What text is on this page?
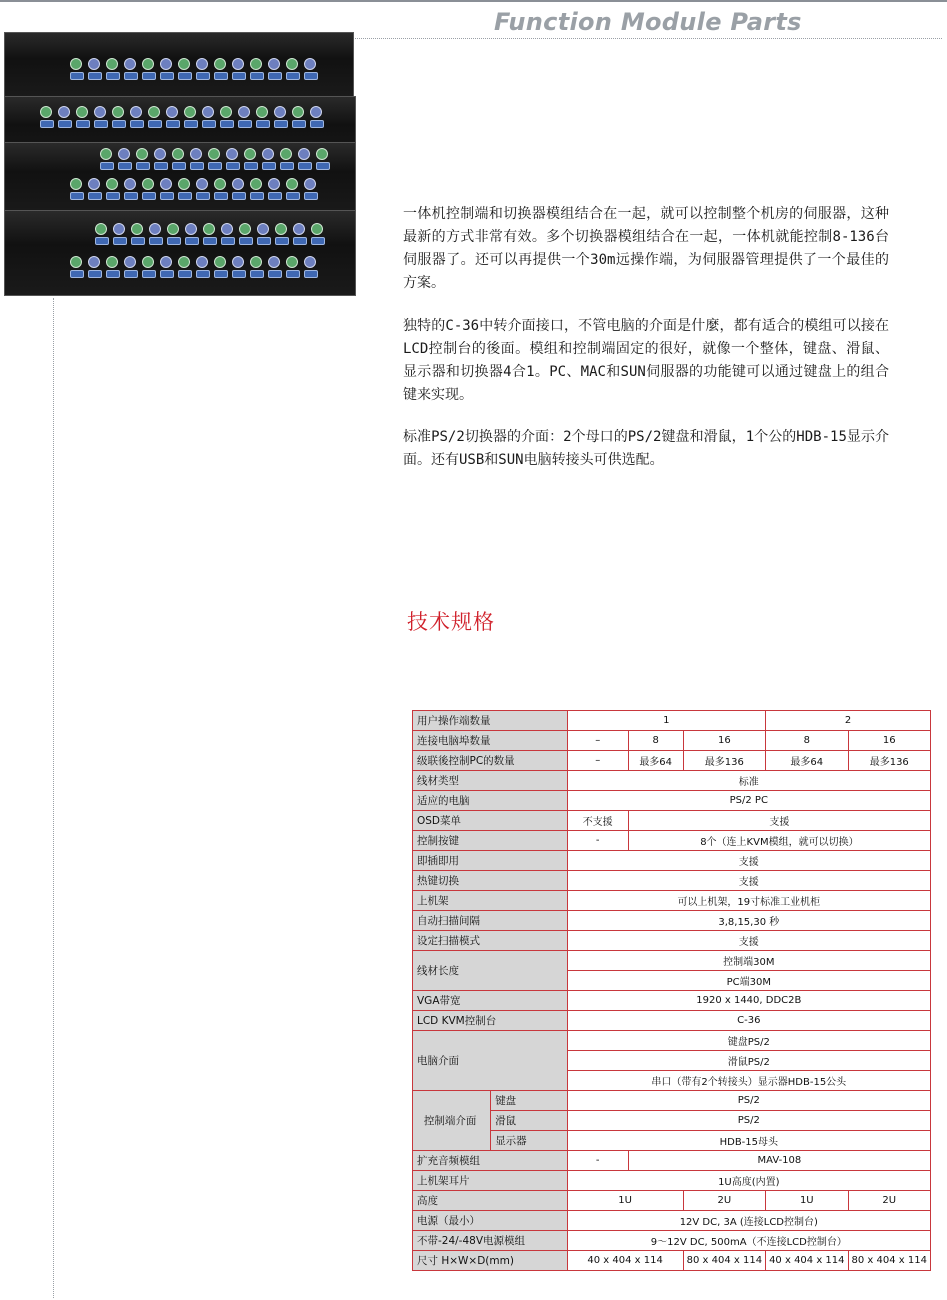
Function Module Parts
一体机控制端和切换器模组结合在一起，就可以控制整个机房的伺服器，这种最新的方式非常有效。多个切换器模组结合在一起，一体机就能控制8-136台伺服器了。还可以再提供一个30m远操作端，为伺服器管理提供了一个最佳的方案。
独特的C-36中转介面接口，不管电脑的介面是什麼，都有适合的模组可以接在LCD控制台的後面。模组和控制端固定的很好，就像一个整体，键盘、滑鼠、显示器和切换器4合1。PC、MAC和SUN伺服器的功能键可以通过键盘上的组合键来实现。
标准PS/2切换器的介面：2个母口的PS/2键盘和滑鼠，1个公的HDB-15显示介面。还有USB和SUN电脑转接头可供选配。
技术规格
用户操作端数量		1			2	
连接电脑埠数量		–	8	16	8	16
级联後控制PC的数量		–	最多64	最多136	最多64	最多136
线材类型		标准				
适应的电脑		PS/2 PC				
OSD菜单		不支援	支援			
控制按键		-	8个（连上KVM模组，就可以切换）			
即插即用		支援				
热键切换		支援				
上机架		可以上机架，19寸标准工业机柜				
自动扫描间隔		3,8,15,30 秒				
设定扫描模式		支援				
线材长度		控制端30M				
		PC端30M				
VGA带宽		1920 x 1440, DDC2B				
LCD KVM控制台		C-36				
电脑介面		键盘PS/2				
		滑鼠PS/2				
		串口（带有2个转接头）显示器HDB-15公头				
控制端介面	键盘	PS/2				
	滑鼠	PS/2				
	显示器	HDB-15母头				
扩充音频模组		-	MAV-108			
上机架耳片		1U高度(内置)				
高度		1U		2U	1U	2U
电源（最小）		12V DC, 3A (连接LCD控制台)				
不带-24/-48V电源模组		9～12V DC, 500mA（不连接LCD控制台）				
尺寸 H×W×D(mm)		40 x 404 x 114		80 x 404 x 114	40 x 404 x 114	80 x 404 x 114
